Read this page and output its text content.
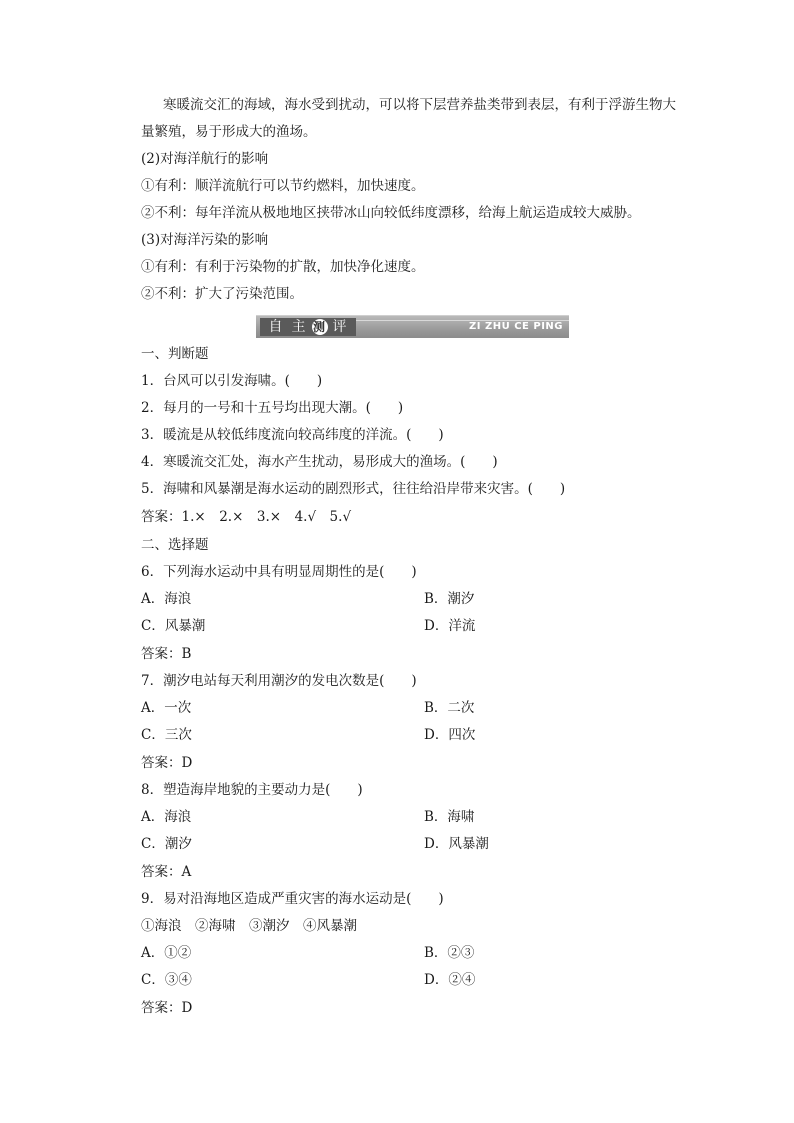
寒暖流交汇的海域，海水受到扰动，可以将下层营养盐类带到表层，有利于浮游生物大
量繁殖，易于形成大的渔场。
(2)对海洋航行的影响
①有利：顺洋流航行可以节约燃料，加快速度。
②不利：每年洋流从极地地区挟带冰山向较低纬度漂移，给海上航运造成较大威胁。
(3)对海洋污染的影响
①有利：有利于污染物的扩散，加快净化速度。
②不利：扩大了污染范围。
自 主 测 评	ZI ZHU CE PING
一、判断题
1．台风可以引发海啸。(　　)
2．每月的一号和十五号均出现大潮。(　　)
3．暖流是从较低纬度流向较高纬度的洋流。(　　)
4．寒暖流交汇处，海水产生扰动，易形成大的渔场。(　　)
5．海啸和风暴潮是海水运动的剧烈形式，往往给沿岸带来灾害。(　　)
答案：1.×　2.×　3.×　4.√　5.√
二、选择题
6．下列海水运动中具有明显周期性的是(　　)
A．海浪	B．潮汐
C．风暴潮	D．洋流
答案：B
7．潮汐电站每天利用潮汐的发电次数是(　　)
A．一次	B．二次
C．三次	D．四次
答案：D
8．塑造海岸地貌的主要动力是(　　)
A．海浪	B．海啸
C．潮汐	D．风暴潮
答案：A
9．易对沿海地区造成严重灾害的海水运动是(　　)
①海浪　②海啸　③潮汐　④风暴潮
A．①②	B．②③
C．③④	D．②④
答案：D
